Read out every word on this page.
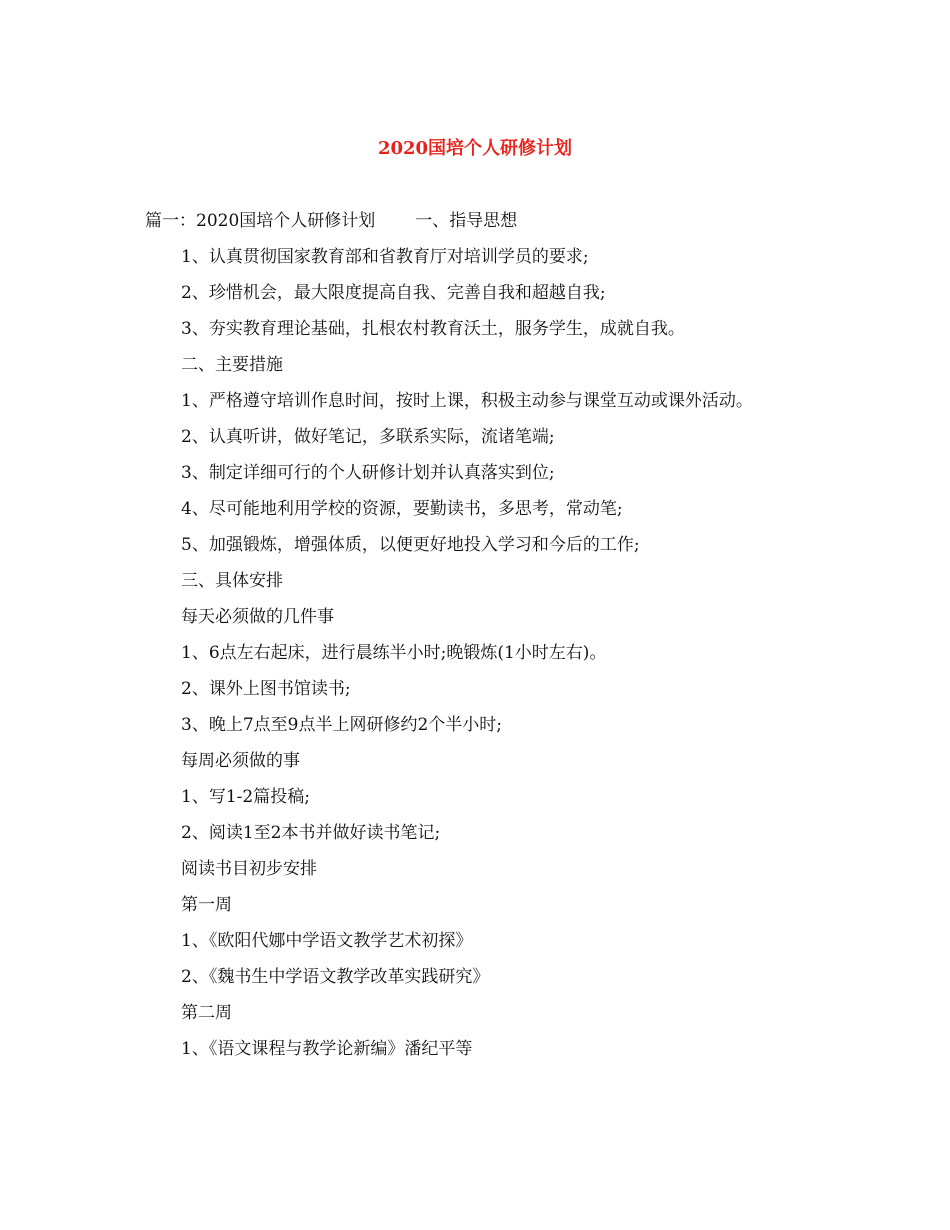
2020国培个人研修计划
篇一：2020国培个人研修计划 一、指导思想
1、认真贯彻国家教育部和省教育厅对培训学员的要求;
2、珍惜机会，最大限度提高自我、完善自我和超越自我;
3、夯实教育理论基础，扎根农村教育沃土，服务学生，成就自我。
二、主要措施
1、严格遵守培训作息时间，按时上课，积极主动参与课堂互动或课外活动。
2、认真听讲，做好笔记，多联系实际，流诸笔端;
3、制定详细可行的个人研修计划并认真落实到位;
4、尽可能地利用学校的资源，要勤读书，多思考，常动笔;
5、加强锻炼，增强体质，以便更好地投入学习和今后的工作;
三、具体安排
每天必须做的几件事
1、6点左右起床，进行晨练半小时;晚锻炼(1小时左右)。
2、课外上图书馆读书;
3、晚上7点至9点半上网研修约2个半小时;
每周必须做的事
1、写1-2篇投稿;
2、阅读1至2本书并做好读书笔记;
阅读书目初步安排
第一周
1、《欧阳代娜中学语文教学艺术初探》
2、《魏书生中学语文教学改革实践研究》
第二周
1、《语文课程与教学论新编》潘纪平等
